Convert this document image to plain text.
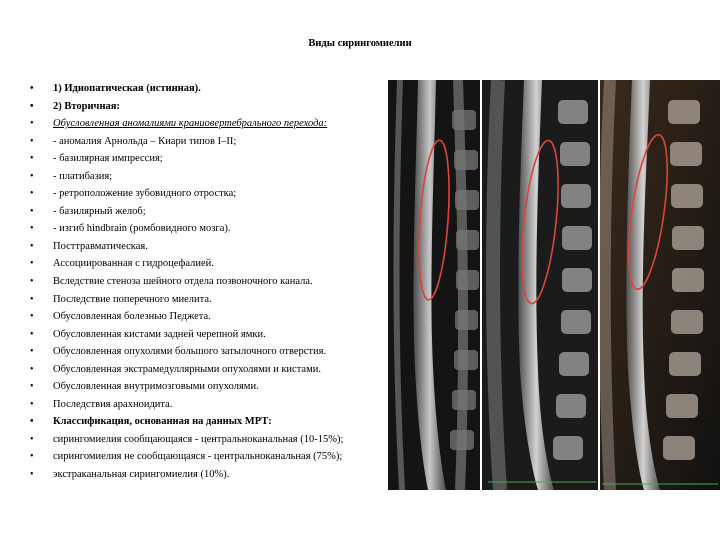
Виды сирингомиелии
• 1) Идиопатическая (истинная).
• 2) Вторичная:
• Обусловленная аномалиями краниовертебрального перехода:
• - аномалия Арнольда – Киари типов I–II;
• - базилярная импрессия;
• - платибазия;
• - ретроположение зубовидного отростка;
• - базилярный желоб;
• - изгиб hindbrain (ромбовидного мозга).
• Посттравматическая.
• Ассоциированная с гидроцефалией.
• Вследствие стеноза шейного отдела позвоночного канала.
• Последствие поперечного миелита.
• Обусловленная болезнью Педжета.
• Обусловленная кистами задней черепной ямки.
• Обусловленная опухолями большого затылочного отверстия.
• Обусловленная экстрамедуллярными опухолями и кистами.
• Обусловленная внутримозговыми опухолями.
• Последствия арахноидита.
• Классификация, основанная на данных МРТ:
• сирингомиелия сообщающаяся - центральноканальная (10-15%);
• сирингомиелия не сообщающаяся - центральноканальная (75%);
• экстраканальная сирингомиелия (10%).
